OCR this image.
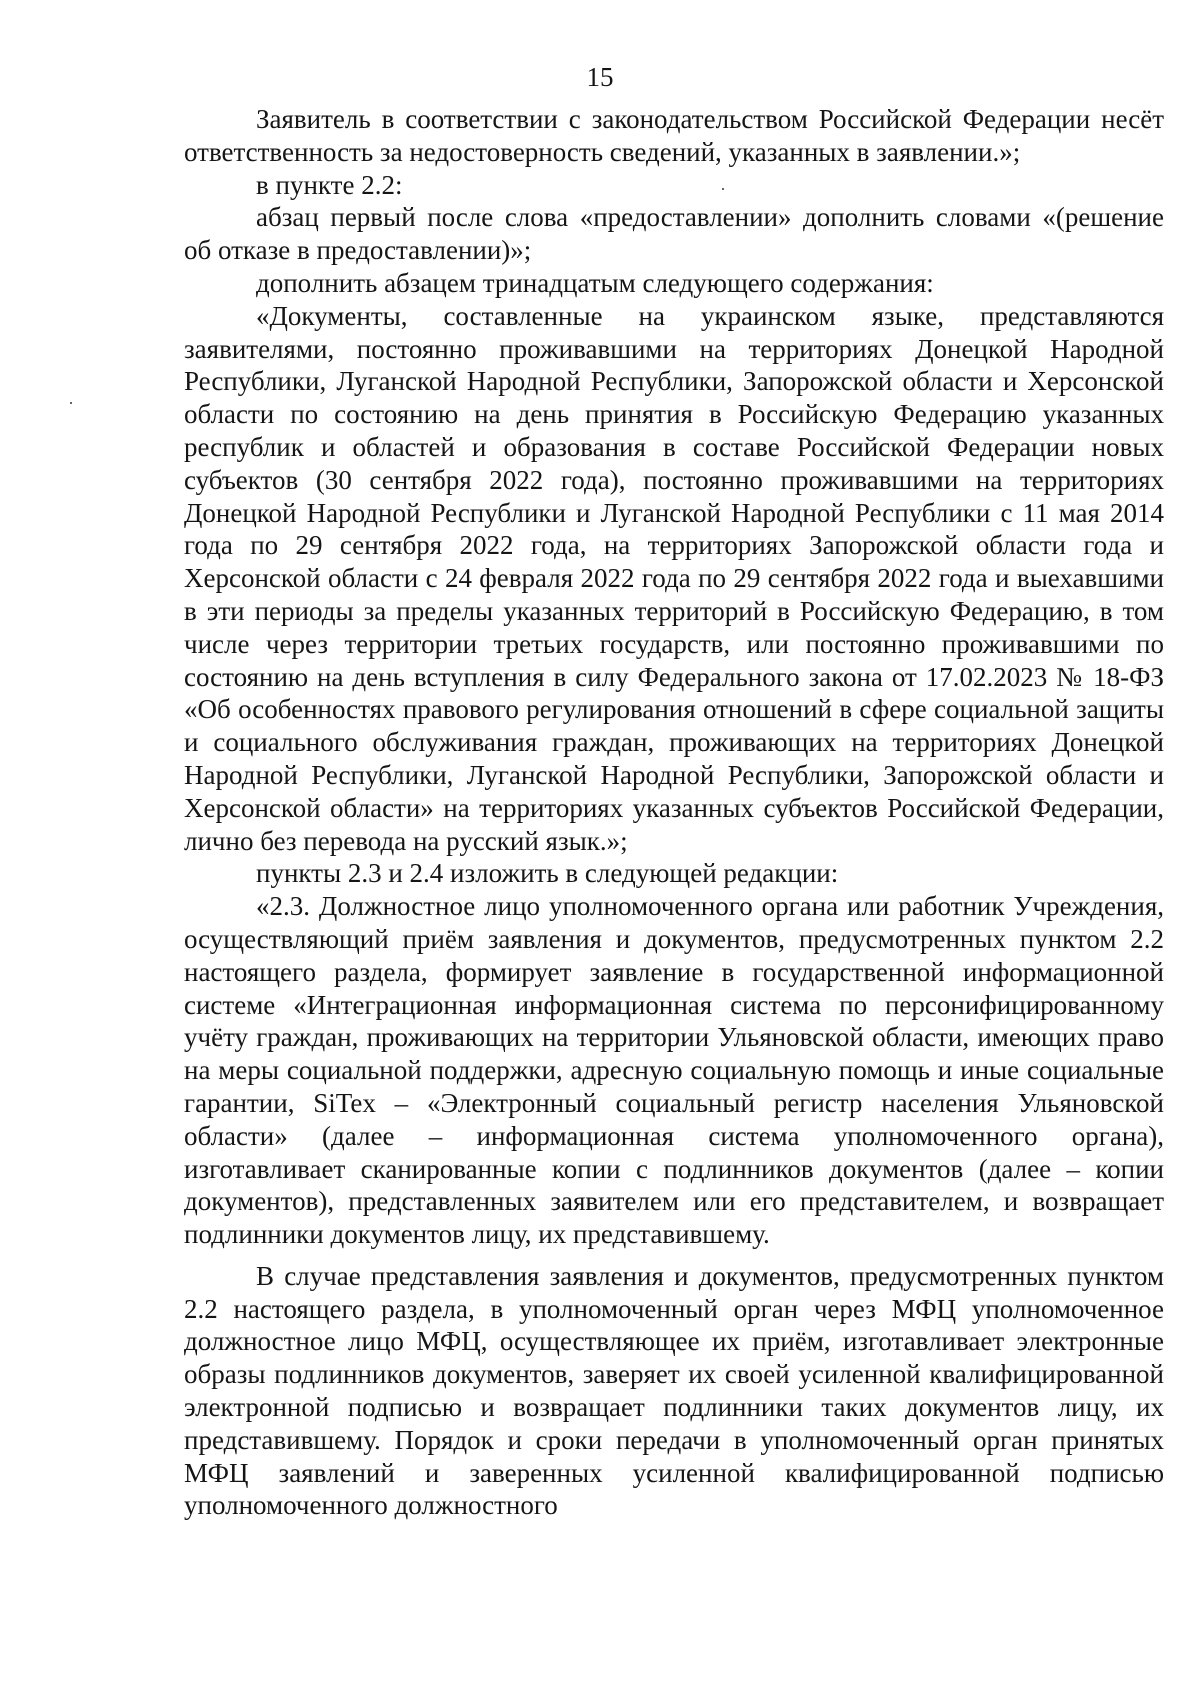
15

Заявитель в соответствии с законодательством Российской Федерации несёт ответственность за недостоверность сведений, указанных в заявлении.»;

в пункте 2.2:

абзац первый после слова «предоставлении» дополнить словами «(решение об отказе в предоставлении)»;

дополнить абзацем тринадцатым следующего содержания:

«Документы, составленные на украинском языке, представляются заявителями, постоянно проживавшими на территориях Донецкой Народной Республики, Луганской Народной Республики, Запорожской области и Херсонской области по состоянию на день принятия в Российскую Федерацию указанных республик и областей и образования в составе Российской Федерации новых субъектов (30 сентября 2022 года), постоянно проживавшими на территориях Донецкой Народной Республики и Луганской Народной Республики с 11 мая 2014 года по 29 сентября 2022 года, на территориях Запорожской области года и Херсонской области с 24 февраля 2022 года по 29 сентября 2022 года и выехавшими в эти периоды за пределы указанных территорий в Российскую Федерацию, в том числе через территории третьих государств, или постоянно проживавшими по состоянию на день вступления в силу Федерального закона от 17.02.2023 № 18-ФЗ «Об особенностях правового регулирования отношений в сфере социальной защиты и социального обслуживания граждан, проживающих на территориях Донецкой Народной Республики, Луганской Народной Республики, Запорожской области и Херсонской области» на территориях указанных субъектов Российской Федерации, лично без перевода на русский язык.»;

пункты 2.3 и 2.4 изложить в следующей редакции:

«2.3. Должностное лицо уполномоченного органа или работник Учреждения, осуществляющий приём заявления и документов, предусмотренных пунктом 2.2 настоящего раздела, формирует заявление в государственной информационной системе «Интеграционная информационная система по персонифицированному учёту граждан, проживающих на территории Ульяновской области, имеющих право на меры социальной поддержки, адресную социальную помощь и иные социальные гарантии, SiTex – «Электронный социальный регистр населения Ульяновской области» (далее – информационная система уполномоченного органа), изготавливает сканированные копии с подлинников документов (далее – копии документов), представленных заявителем или его представителем, и возвращает подлинники документов лицу, их представившему.

В случае представления заявления и документов, предусмотренных пунктом 2.2 настоящего раздела, в уполномоченный орган через МФЦ уполномоченное должностное лицо МФЦ, осуществляющее их приём, изготавливает электронные образы подлинников документов, заверяет их своей усиленной квалифицированной электронной подписью и возвращает подлинники таких документов лицу, их представившему. Порядок и сроки передачи в уполномоченный орган принятых МФЦ заявлений и заверенных усиленной квалифицированной подписью уполномоченного должностного
